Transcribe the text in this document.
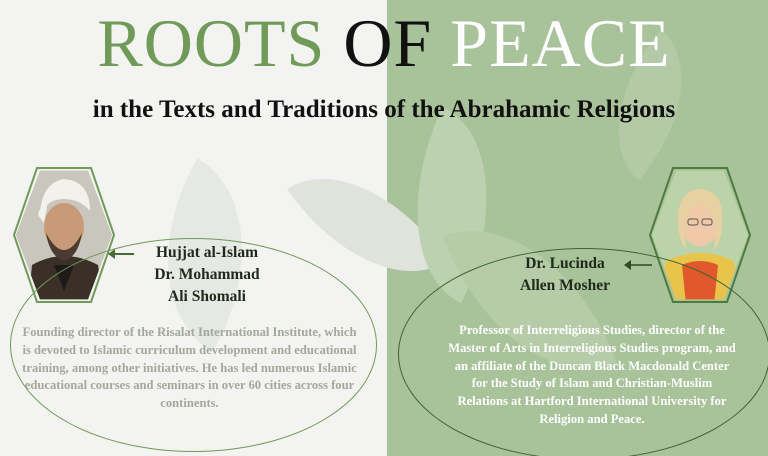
ROOTS OF PEACE
in the Texts and Traditions of the Abrahamic Religions
Hujjat al-Islam
Dr. Mohammad
Ali Shomali
Founding director of the Risalat International Institute, which is devoted to Islamic curriculum development and educational training, among other initiatives. He has led numerous Islamic educational courses and seminars in over 60 cities across four continents.
Dr. Lucinda
Allen Mosher
Professor of Interreligious Studies, director of the Master of Arts in Interreligious Studies program, and an affiliate of the Duncan Black Macdonald Center for the Study of Islam and Christian-Muslim Relations at Hartford International University for Religion and Peace.
